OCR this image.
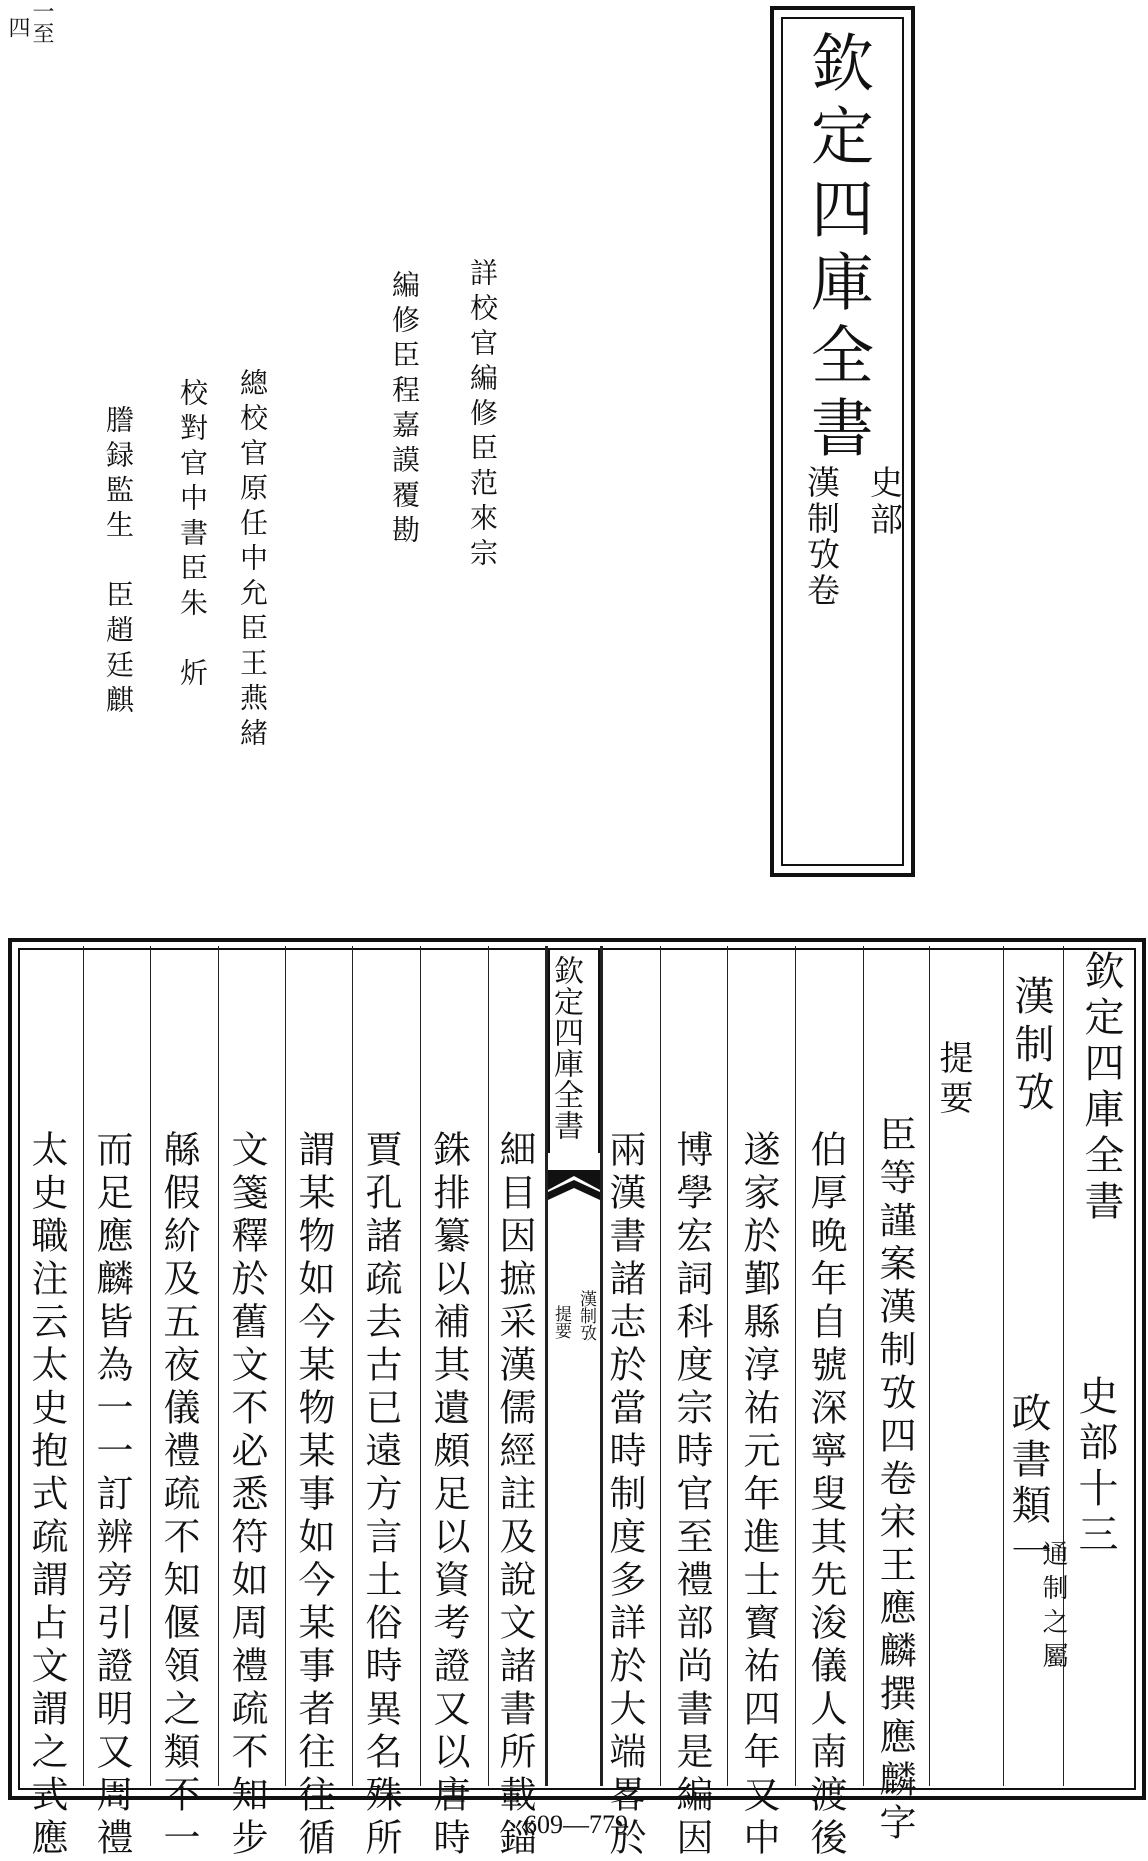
欽定四庫全書
史部
漢制攷卷
一至
四
詳校官編修臣范來宗
編修臣程嘉謨覆勘
總校官原任中允臣王燕緒
校對官中書臣朱　炘
謄録監生　臣趙廷麒
欽定四庫全書
史部十三
漢制攷
政書類一
通制之屬
提要
臣等謹案漢制攷四卷宋王應麟撰應麟字
伯厚晚年自號深寧叟其先浚儀人南渡後
遂家於鄞縣淳祐元年進士寳祐四年又中
博學宏詞科度宗時官至禮部尚書是編因
兩漢書諸志於當時制度多詳於大端畧於
欽定四庫全書
漢制攷
提要
細目因摭采漢儒經註及說文諸書所載錙
銖排纂以補其遺頗足以資考證又以唐時
賈孔諸疏去古已遠方言土俗時異名殊所
謂某物如今某物某事如今某事者往往循
文箋釋於舊文不必悉符如周禮疏不知步
緜假紒及五夜儀禮疏不知偃領之類不一
而足應麟皆為一一訂辨旁引證明又周禮
太史職注云太史抱式疏謂占文謂之式應	609—779
